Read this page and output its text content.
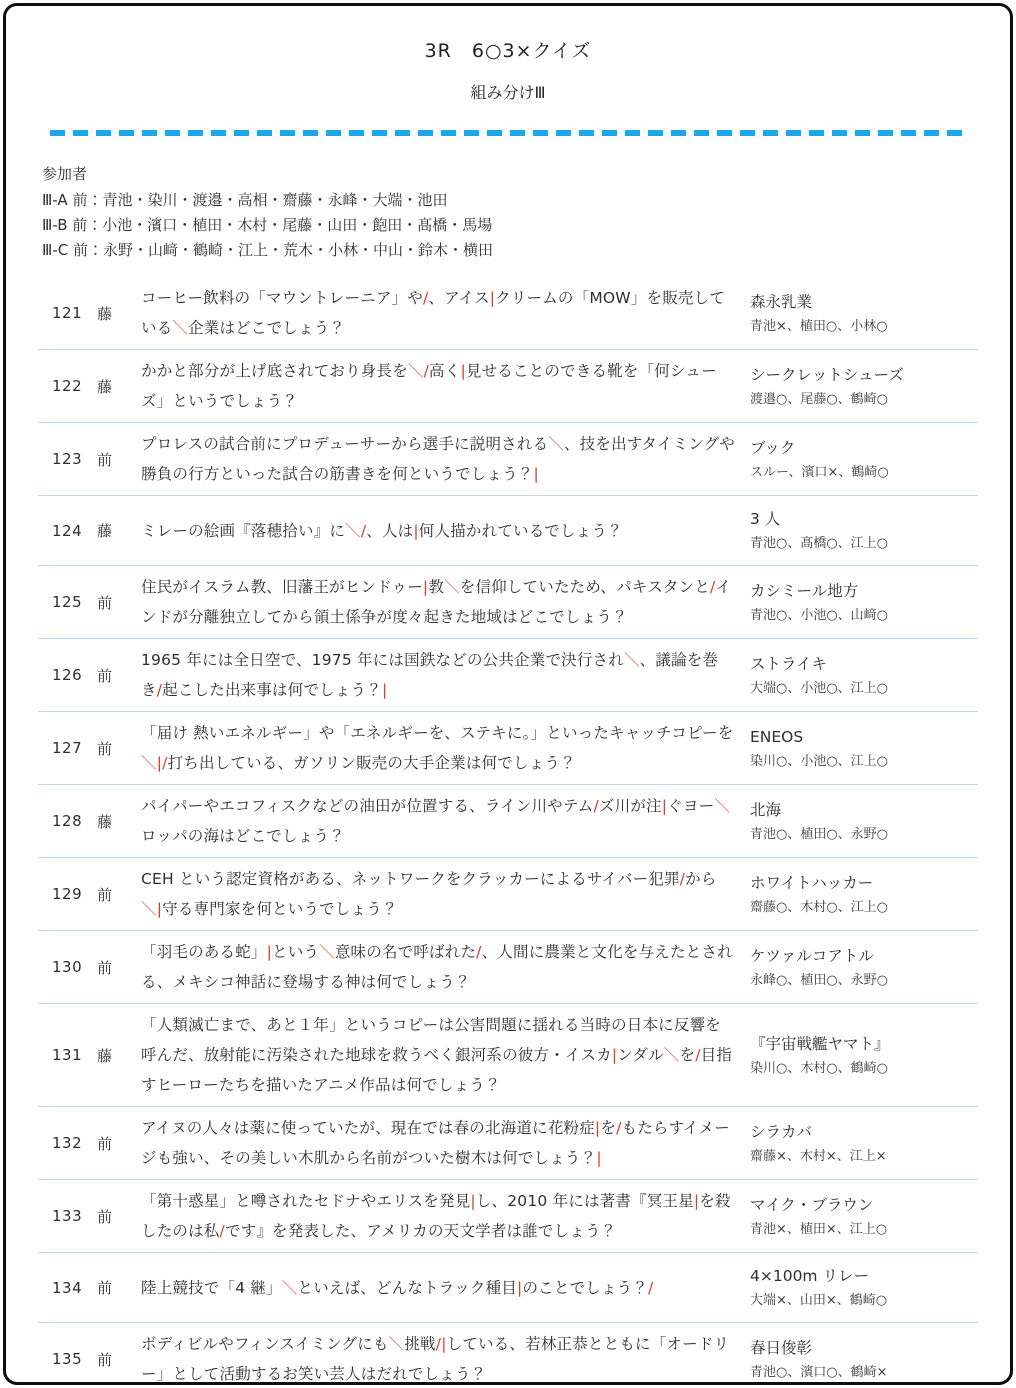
3R　6○3×クイズ
組み分けⅢ
参加者
Ⅲ-A 前：青池・染川・渡邉・高相・齋藤・永峰・大端・池田
Ⅲ-B 前：小池・濱口・植田・木村・尾藤・山田・飽田・髙橋・馬場
Ⅲ-C 前：永野・山﨑・鶴崎・江上・荒木・小林・中山・鈴木・横田
121 藤
コーヒー飲料の「マウントレーニア」や/、アイス|クリームの「MOW」を販売している＼企業はどこでしょう？
森永乳業
青池×、植田○、小林○
122 藤
かかと部分が上げ底されており身長を＼/高く|見せることのできる靴を「何シューズ」というでしょう？
シークレットシューズ
渡邉○、尾藤○、鶴崎○
123 前
プロレスの試合前にプロデューサーから選手に説明される＼、技を出すタイミングや勝負の行方といった試合の筋書きを何というでしょう？|
ブック
スルー、濱口×、鶴崎○
124 藤 ミレーの絵画『落穂拾い』に＼/、人は|何人描かれているでしょう？
3 人
青池○、髙橋○、江上○
125 前
住民がイスラム教、旧藩王がヒンドゥー|教＼を信仰していたため、パキスタンと/インドが分離独立してから領土係争が度々起きた地域はどこでしょう？
カシミール地方
青池○、小池○、山﨑○
126 前
1965 年には全日空で、1975 年には国鉄などの公共企業で決行され＼、議論を巻き/起こした出来事は何でしょう？|
ストライキ
大端○、小池○、江上○
127 前
「届け 熱いエネルギー」や「エネルギーを、ステキに。」といったキャッチコピーを＼|/打ち出している、ガソリン販売の大手企業は何でしょう？
ENEOS
染川○、小池○、江上○
128 藤
パイパーやエコフィスクなどの油田が位置する、ライン川やテム/ズ川が注|ぐヨー＼ロッパの海はどこでしょう？
北海
青池○、植田○、永野○
129 前
CEH という認定資格がある、ネットワークをクラッカーによるサイバー犯罪/から＼|守る専門家を何というでしょう？
ホワイトハッカー
齋藤○、木村○、江上○
130 前
「羽毛のある蛇」|という＼意味の名で呼ばれた/、人間に農業と文化を与えたとされる、メキシコ神話に登場する神は何でしょう？
ケツァルコアトル
永峰○、植田○、永野○
131 藤
「人類滅亡まで、あと１年」というコピーは公害問題に揺れる当時の日本に反響を呼んだ、放射能に汚染された地球を救うべく銀河系の彼方・イスカ|ンダル＼を/目指すヒーローたちを描いたアニメ作品は何でしょう？
『宇宙戦艦ヤマト』
染川○、木村○、鶴崎○
132 前
アイヌの人々は薬に使っていたが、現在では春の北海道に花粉症|を/もたらすイメージも強い、その美しい木肌から名前がついた樹木は何でしょう？|
シラカバ
齋藤×、木村×、江上×
133 前
「第十惑星」と噂されたセドナやエリスを発見|し、2010 年には著書『冥王星|を殺したのは私/です』を発表した、アメリカの天文学者は誰でしょう？
マイク・ブラウン
青池×、植田×、江上○
134 前 陸上競技で「4 継」＼といえば、どんなトラック種目|のことでしょう？/
4×100m リレー
大端×、山田×、鶴崎○
135 前
ボディビルやフィンスイミングにも＼挑戦/|している、若林正恭とともに「オードリー」として活動するお笑い芸人はだれでしょう？
春日俊彰
青池○、濱口○、鶴崎×
